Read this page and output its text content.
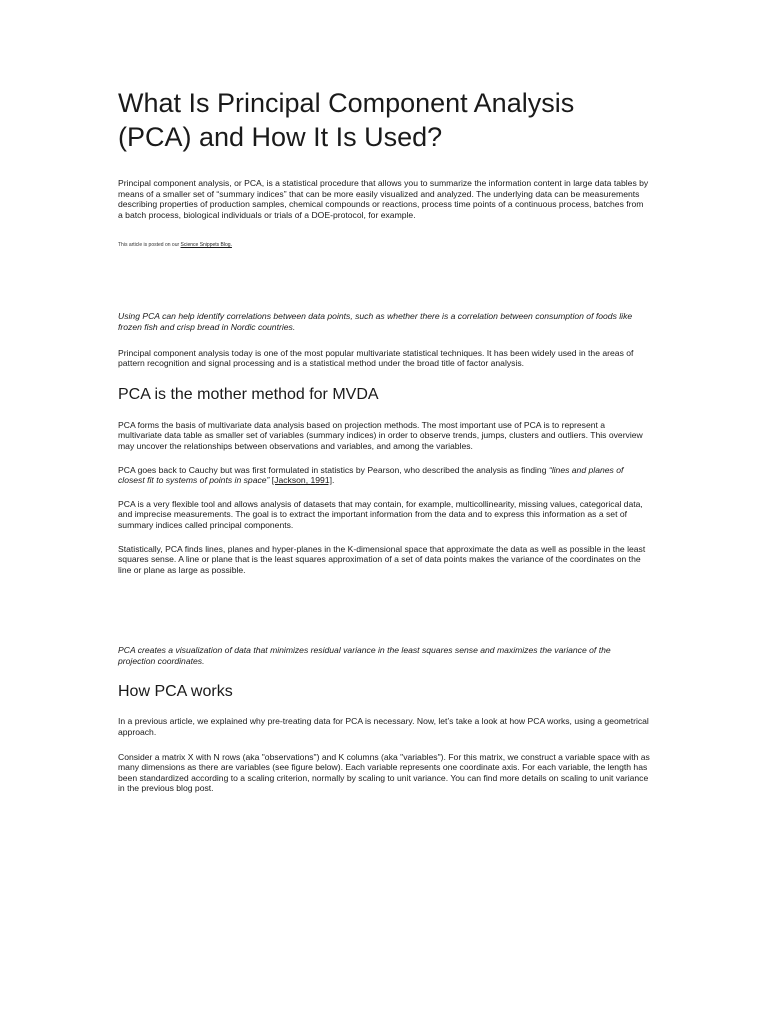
What Is Principal Component Analysis (PCA) and How It Is Used?

Principal component analysis, or PCA, is a statistical procedure that allows you to summarize the information content in large data tables by means of a smaller set of “summary indices” that can be more easily visualized and analyzed. The underlying data can be measurements describing properties of production samples, chemical compounds or reactions, process time points of a continuous process, batches from a batch process, biological individuals or trials of a DOE-protocol, for example.

This article is posted on our Science Snippets Blog.

Using PCA can help identify correlations between data points, such as whether there is a correlation between consumption of foods like frozen fish and crisp bread in Nordic countries.

Principal component analysis today is one of the most popular multivariate statistical techniques. It has been widely used in the areas of pattern recognition and signal processing and is a statistical method under the broad title of factor analysis.

PCA is the mother method for MVDA

PCA forms the basis of multivariate data analysis based on projection methods. The most important use of PCA is to represent a multivariate data table as smaller set of variables (summary indices) in order to observe trends, jumps, clusters and outliers. This overview may uncover the relationships between observations and variables, and among the variables.

PCA goes back to Cauchy but was first formulated in statistics by Pearson, who described the analysis as finding “lines and planes of closest fit to systems of points in space” [Jackson, 1991].

PCA is a very flexible tool and allows analysis of datasets that may contain, for example, multicollinearity, missing values, categorical data, and imprecise measurements. The goal is to extract the important information from the data and to express this information as a set of summary indices called principal components.

Statistically, PCA finds lines, planes and hyper-planes in the K-dimensional space that approximate the data as well as possible in the least squares sense. A line or plane that is the least squares approximation of a set of data points makes the variance of the coordinates on the line or plane as large as possible.

PCA creates a visualization of data that minimizes residual variance in the least squares sense and maximizes the variance of the projection coordinates.

How PCA works

In a previous article, we explained why pre-treating data for PCA is necessary. Now, let’s take a look at how PCA works, using a geometrical approach.

Consider a matrix X with N rows (aka "observations") and K columns (aka "variables"). For this matrix, we construct a variable space with as many dimensions as there are variables (see figure below). Each variable represents one coordinate axis. For each variable, the length has been standardized according to a scaling criterion, normally by scaling to unit variance. You can find more details on scaling to unit variance in the previous blog post.
